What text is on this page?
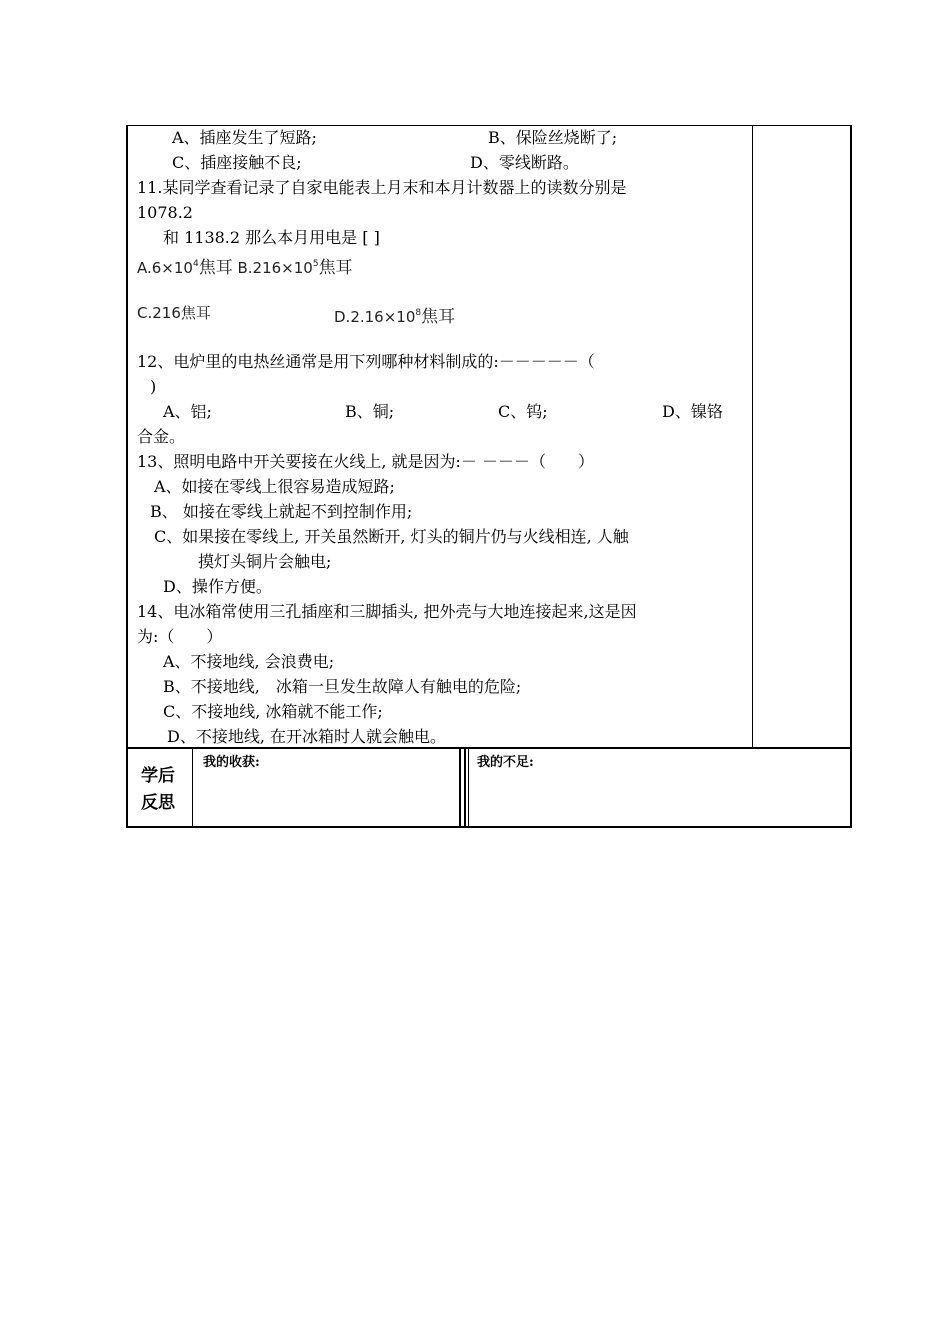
A、插座发生了短路;	B、保险丝烧断了;
C、插座接触不良;	D、零线断路。
11.某同学查看记录了自家电能表上月末和本月计数器上的读数分别是
1078.2
和 1138.2 那么本月用电是 [ ]
$A.6\times 10^4$焦耳 $B.216\times 10^5$焦耳
C.216焦耳	$D.2.16\times 10^8$焦耳
12、电炉里的电热丝通常是用下列哪种材料制成的:－－－－－（
)
A、铝;	B、铜;	C、钨;	D、镍铬
合金。
13、照明电路中开关要接在火线上, 就是因为:－ －－－（　　）
A、如接在零线上很容易造成短路;
B、 如接在零线上就起不到控制作用;
C、如果接在零线上, 开关虽然断开, 灯头的铜片仍与火线相连, 人触
摸灯头铜片会触电;
D、操作方便。
14、电冰箱常使用三孔插座和三脚插头, 把外壳与大地连接起来,这是因
为:（　　）
A、不接地线, 会浪费电;
B、不接地线,　冰箱一旦发生故障人有触电的危险;
C、不接地线, 冰箱就不能工作;
D、不接地线, 在开冰箱时人就会触电。
学后
反思
我的收获:	我的不足:
